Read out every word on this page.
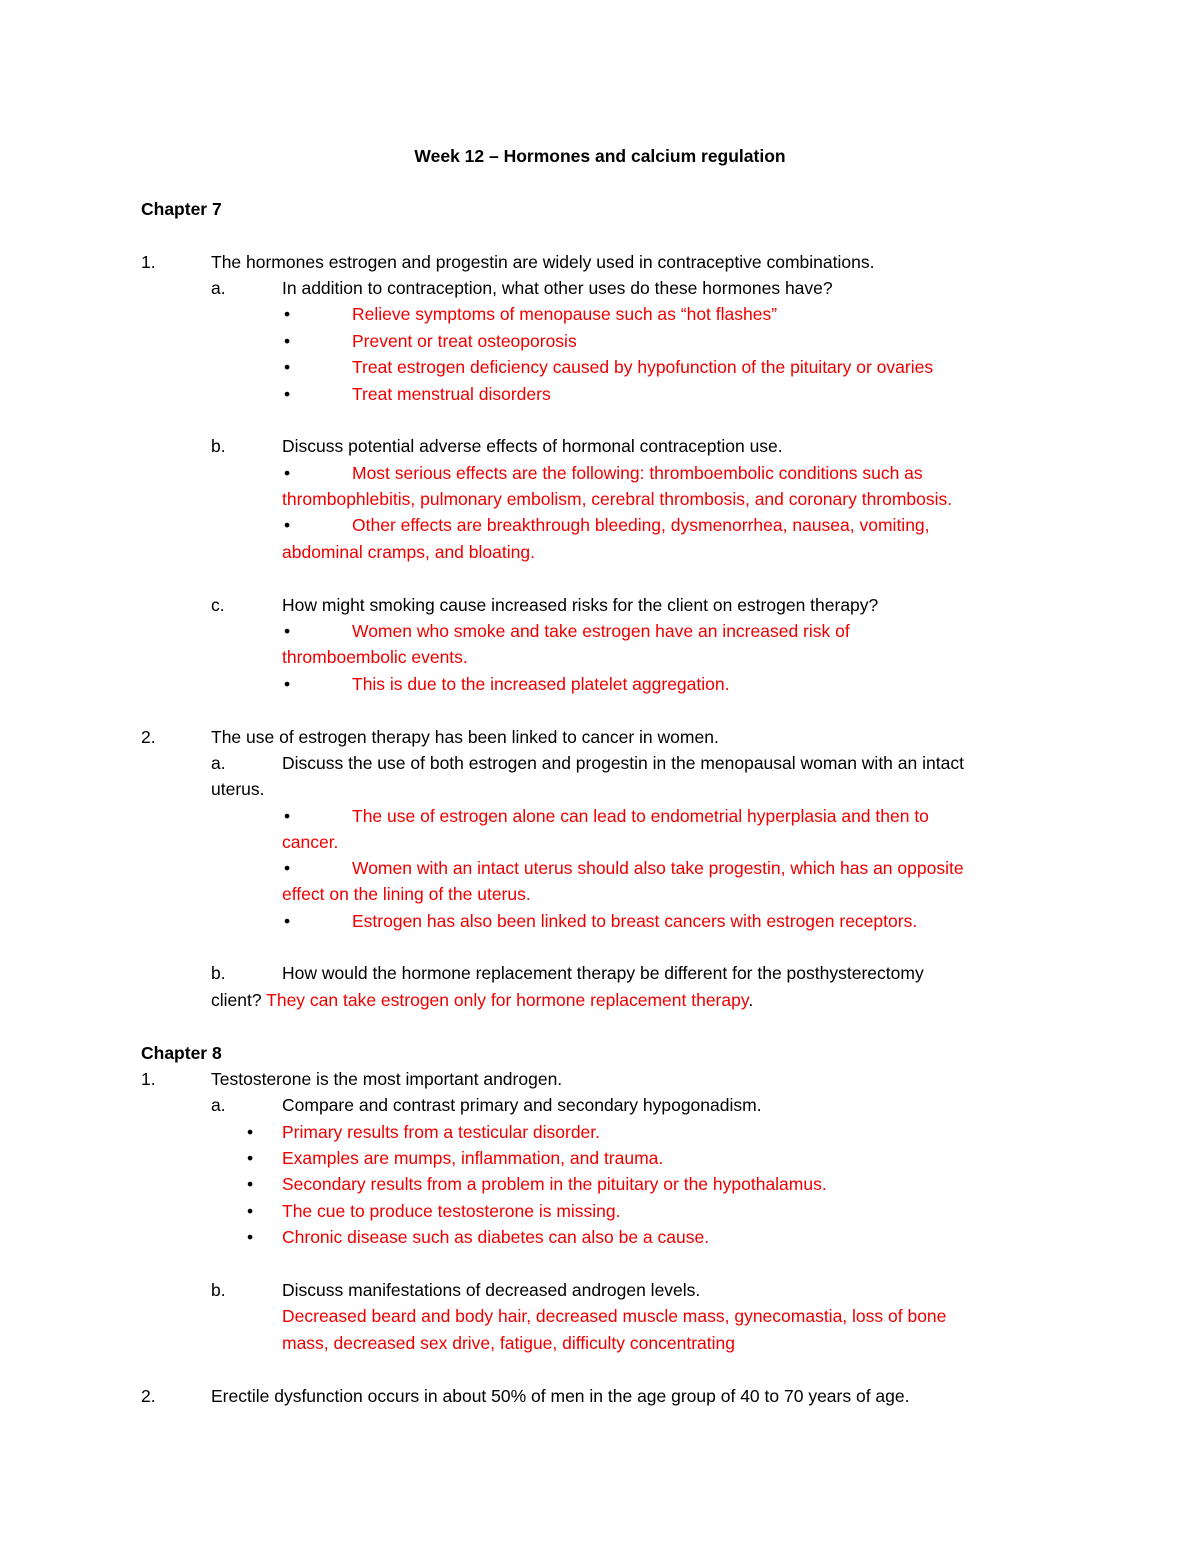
Week 12 – Hormones and calcium regulation
Chapter 7
1.	The hormones estrogen and progestin are widely used in contraceptive combinations.
a.	In addition to contraception, what other uses do these hormones have?
•	Relieve symptoms of menopause such as “hot flashes”
•	Prevent or treat osteoporosis
•	Treat estrogen deficiency caused by hypofunction of the pituitary or ovaries
•	Treat menstrual disorders
b.	Discuss potential adverse effects of hormonal contraception use.
•	Most serious effects are the following: thromboembolic conditions such as
thrombophlebitis, pulmonary embolism, cerebral thrombosis, and coronary thrombosis.
•	Other effects are breakthrough bleeding, dysmenorrhea, nausea, vomiting,
abdominal cramps, and bloating.
c.	How might smoking cause increased risks for the client on estrogen therapy?
•	Women who smoke and take estrogen have an increased risk of
thromboembolic events.
•	This is due to the increased platelet aggregation.
2.	The use of estrogen therapy has been linked to cancer in women.
a.	Discuss the use of both estrogen and progestin in the menopausal woman with an intact
uterus.
•	The use of estrogen alone can lead to endometrial hyperplasia and then to
cancer.
•	Women with an intact uterus should also take progestin, which has an opposite
effect on the lining of the uterus.
•	Estrogen has also been linked to breast cancers with estrogen receptors.
b.	How would the hormone replacement therapy be different for the posthysterectomy
client? They can take estrogen only for hormone replacement therapy.
Chapter 8
1.	Testosterone is the most important androgen.
a.	Compare and contrast primary and secondary hypogonadism.
• Primary results from a testicular disorder.
• Examples are mumps, inflammation, and trauma.
• Secondary results from a problem in the pituitary or the hypothalamus.
• The cue to produce testosterone is missing.
• Chronic disease such as diabetes can also be a cause.
b.	Discuss manifestations of decreased androgen levels.
Decreased beard and body hair, decreased muscle mass, gynecomastia, loss of bone
mass, decreased sex drive, fatigue, difficulty concentrating
2.	Erectile dysfunction occurs in about 50% of men in the age group of 40 to 70 years of age.
